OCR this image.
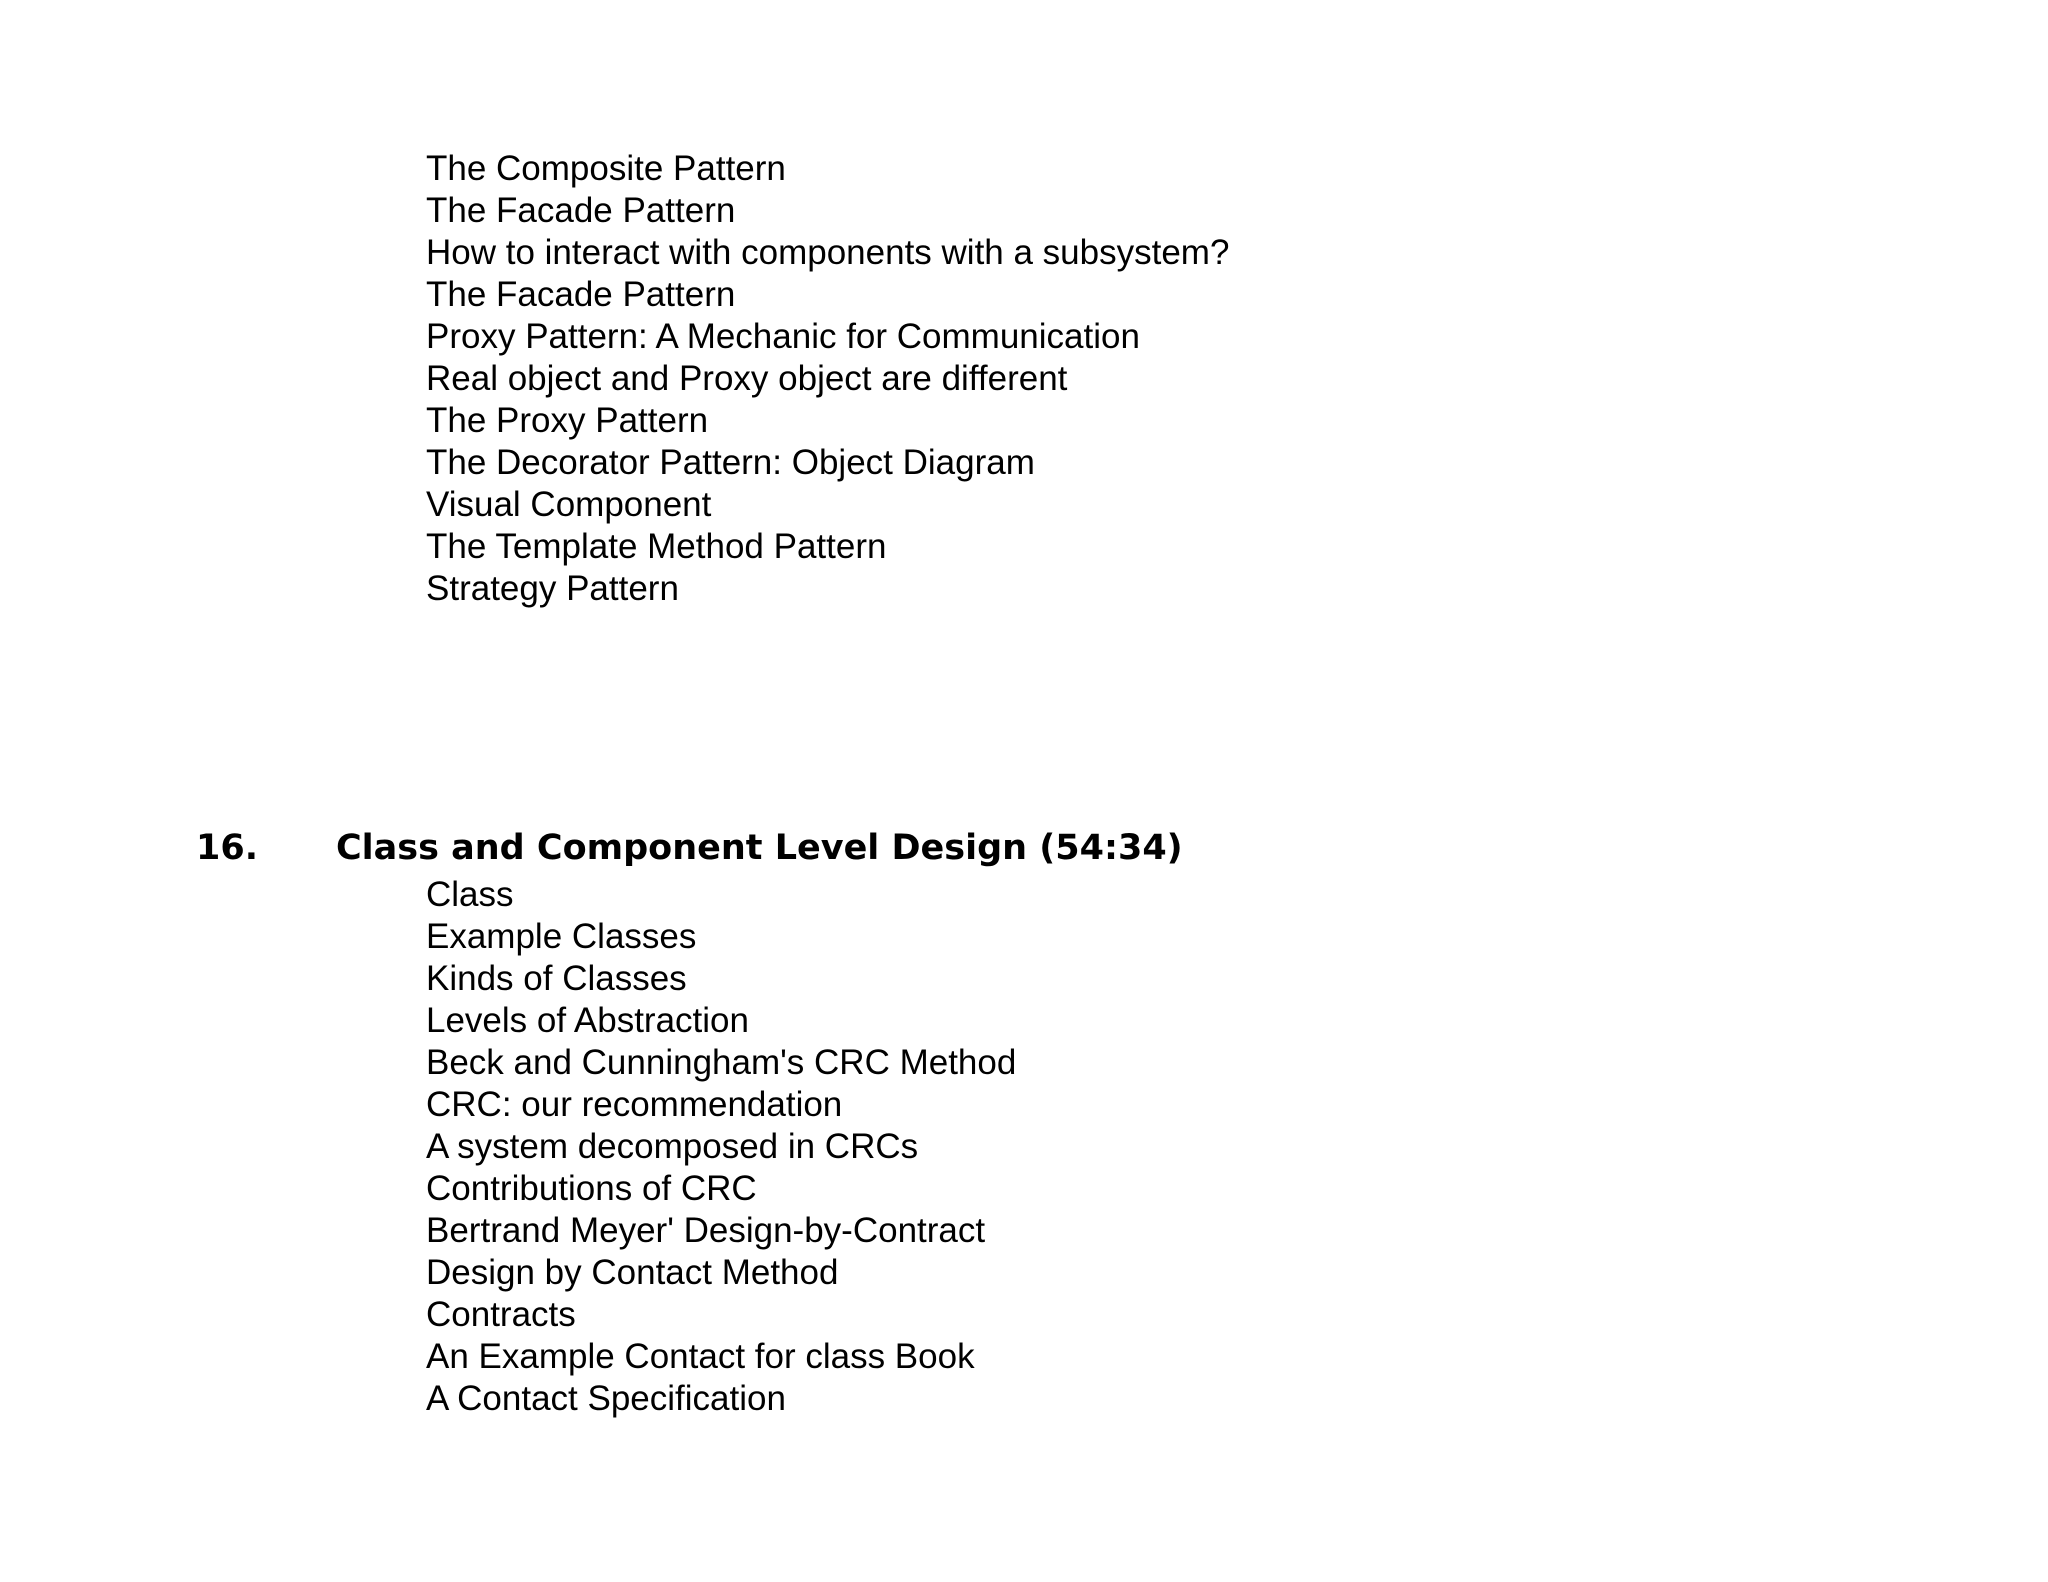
The Composite Pattern
The Facade Pattern
How to interact with components with a subsystem?
The Facade Pattern
Proxy Pattern: A Mechanic for Communication
Real object and Proxy object are different
The Proxy Pattern
The Decorator Pattern: Object Diagram
Visual Component
The Template Method Pattern
Strategy Pattern
16. Class and Component Level Design (54:34)
Class
Example Classes
Kinds of Classes
Levels of Abstraction
Beck and Cunningham's CRC Method
CRC: our recommendation
A system decomposed in CRCs
Contributions of CRC
Bertrand Meyer' Design-by-Contract
Design by Contact Method
Contracts
An Example Contact for class Book
A Contact Specification
